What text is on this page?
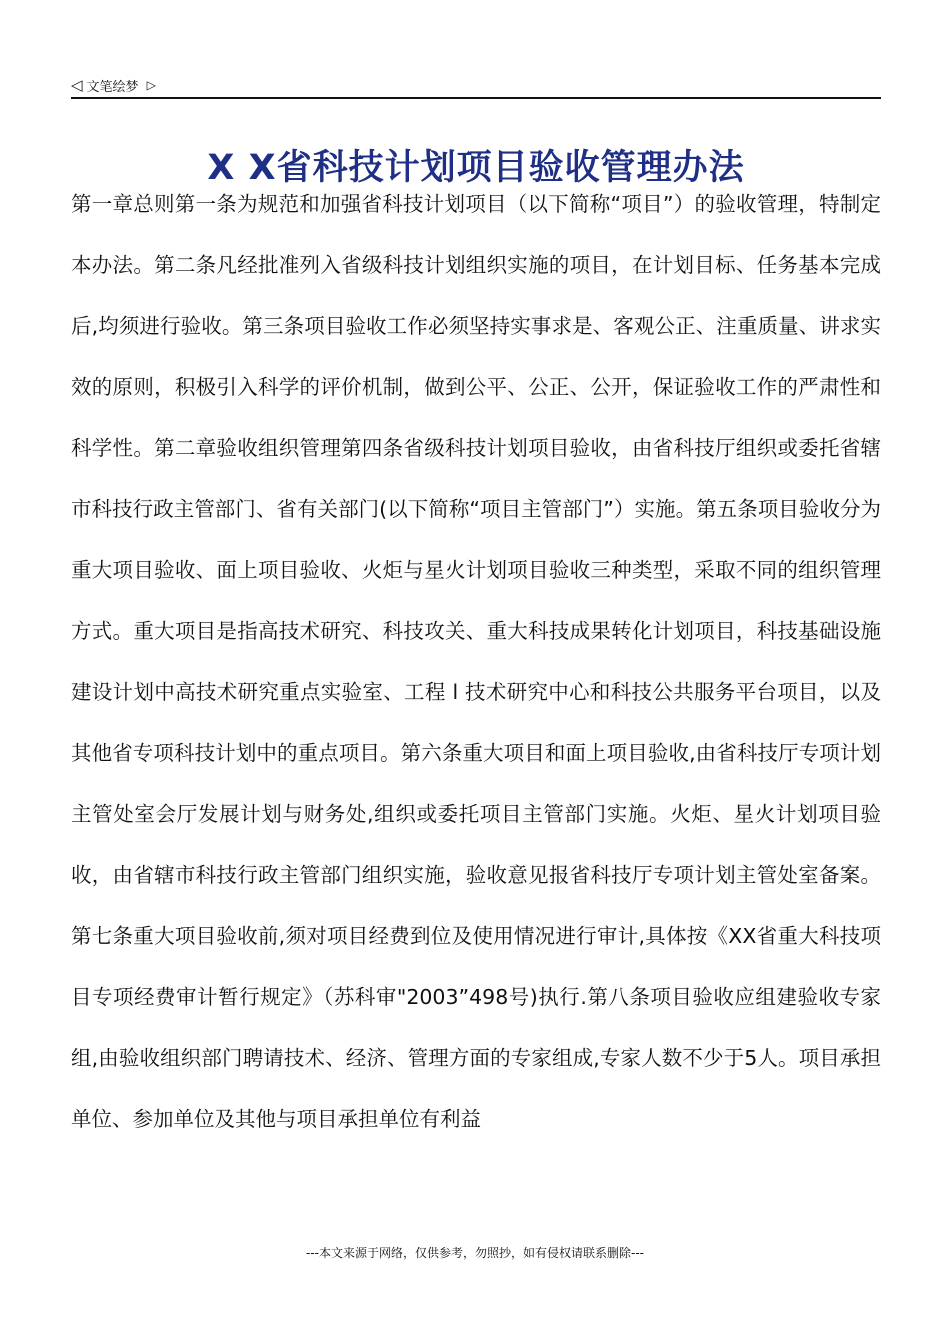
◁ 文笔绘梦 ▷
X X省科技计划项目验收管理办法

第一章总则第一条为规范和加强省科技计划项目（以下简称“项目”）的验收管理，特制定本办法。第二条凡经批准列入省级科技计划组织实施的项目，在计划目标、任务基本完成后,均须进行验收。第三条项目验收工作必须坚持实事求是、客观公正、注重质量、讲求实效的原则，积极引入科学的评价机制，做到公平、公正、公开，保证验收工作的严肃性和科学性。第二章验收组织管理第四条省级科技计划项目验收，由省科技厅组织或委托省辖市科技行政主管部门、省有关部门(以下简称“项目主管部门”）实施。第五条项目验收分为重大项目验收、面上项目验收、火炬与星火计划项目验收三种类型，采取不同的组织管理方式。重大项目是指高技术研究、科技攻关、重大科技成果转化计划项目，科技基础设施建设计划中高技术研究重点实验室、工程 l 技术研究中心和科技公共服务平台项目，以及其他省专项科技计划中的重点项目。第六条重大项目和面上项目验收,由省科技厅专项计划主管处室会厅发展计划与财务处,组织或委托项目主管部门实施。火炬、星火计划项目验收，由省辖市科技行政主管部门组织实施，验收意见报省科技厅专项计划主管处室备案。第七条重大项目验收前,须对项目经费到位及使用情况进行审计,具体按《XX省重大科技项目专项经费审计暂行规定》（苏科审"2003”498号)执行.第八条项目验收应组建验收专家组,由验收组织部门聘请技术、经济、管理方面的专家组成,专家人数不少于5人。项目承担单位、参加单位及其他与项目承担单位有利益

---本文来源于网络，仅供参考，勿照抄，如有侵权请联系删除---
